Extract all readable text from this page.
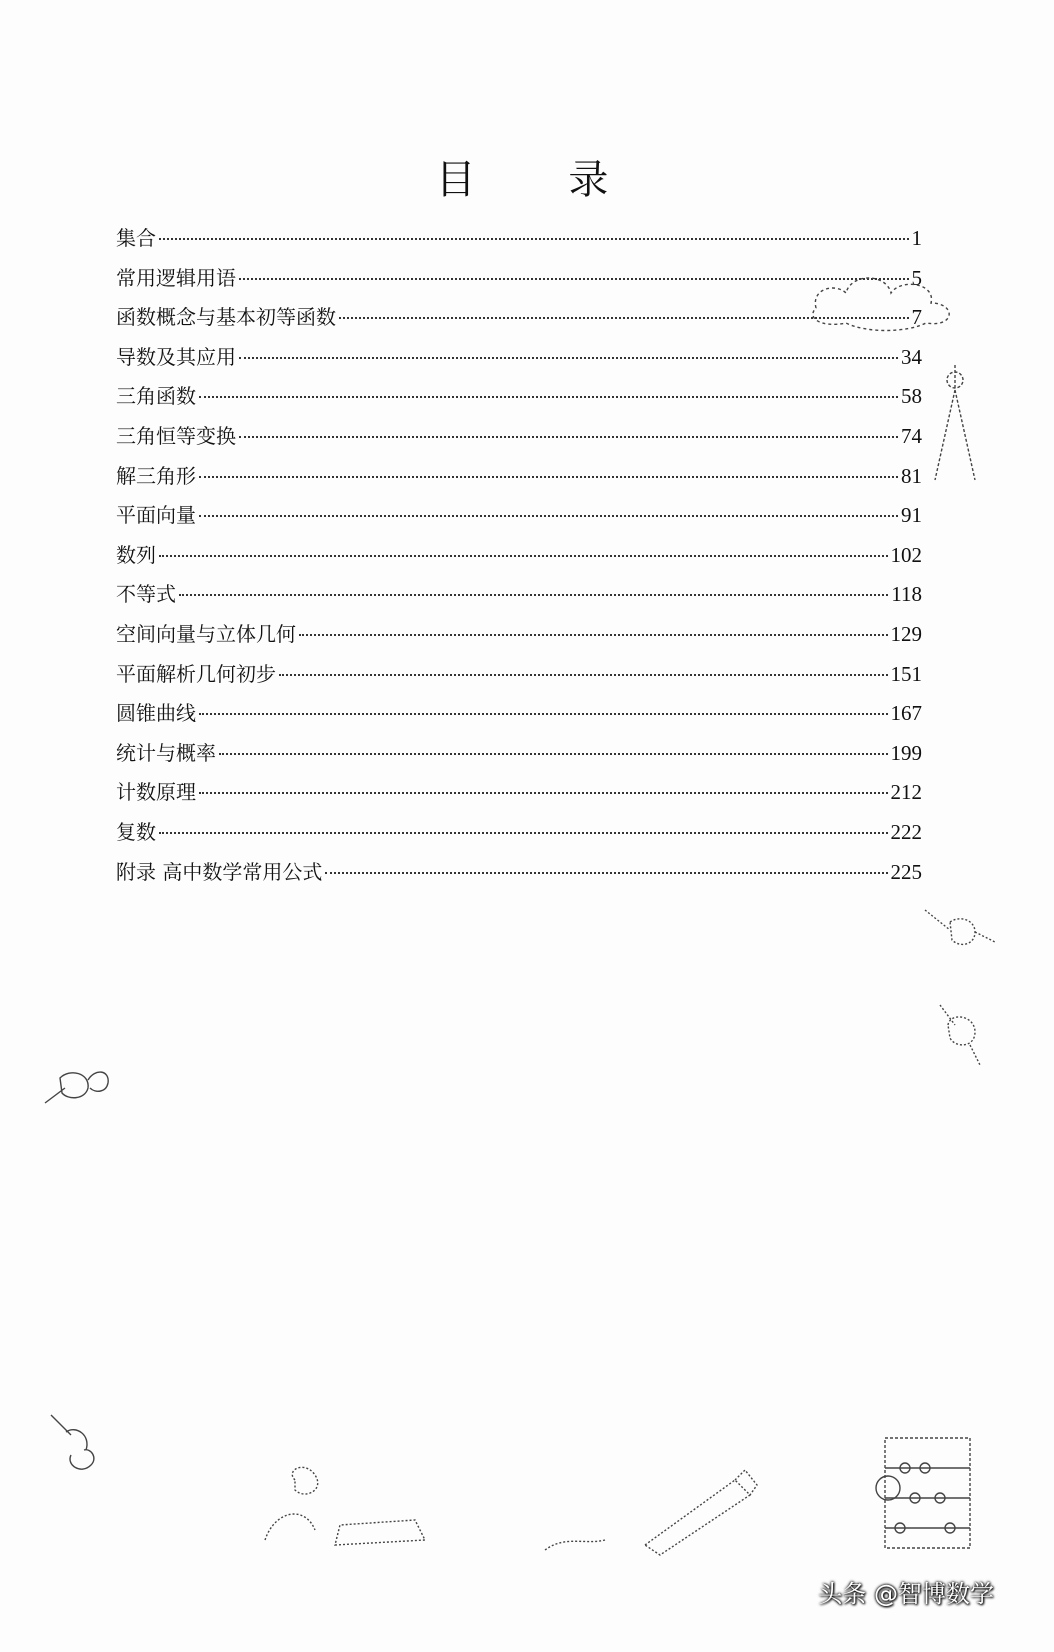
目 录
集合	1
常用逻辑用语	5
函数概念与基本初等函数	7
导数及其应用	34
三角函数	58
三角恒等变换	74
解三角形	81
平面向量	91
数列	102
不等式	118
空间向量与立体几何	129
平面解析几何初步	151
圆锥曲线	167
统计与概率	199
计数原理	212
复数	222
附录 高中数学常用公式	225
头条 @智博数学
